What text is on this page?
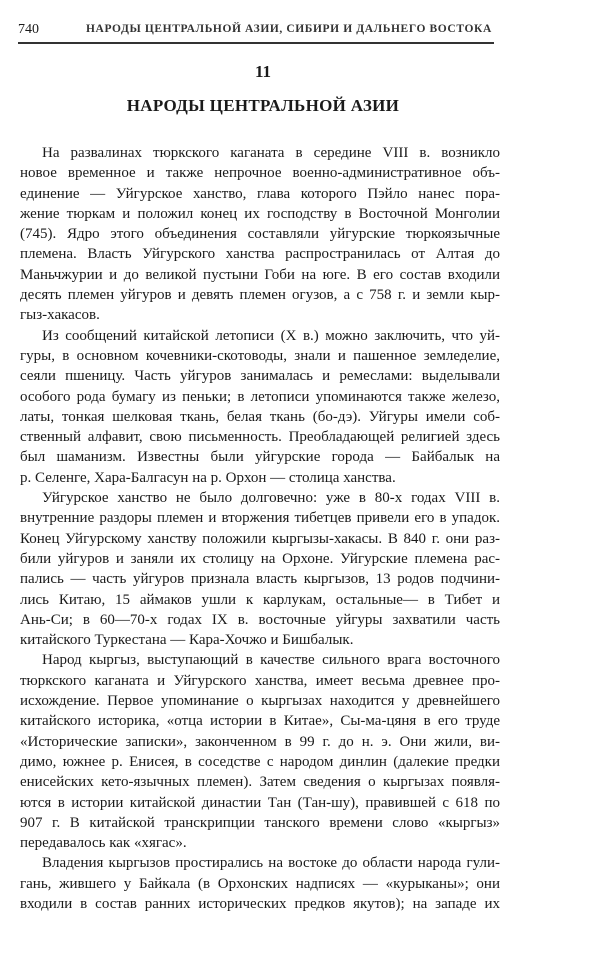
740	НАРОДЫ ЦЕНТРАЛЬНОЙ АЗИИ, СИБИРИ И ДАЛЬНЕГО ВОСТОКА
11
НАРОДЫ ЦЕНТРАЛЬНОЙ АЗИИ
На развалинах тюркского каганата в середине VIII в. возникло
новое временное и также непрочное военно-административное объ-
единение — Уйгурское ханство, глава которого Пэйло нанес пора-
жение тюркам и положил конец их господству в Восточной Монголии
(745). Ядро этого объединения составляли уйгурские тюркоязычные
племена. Власть Уйгурского ханства распространилась от Алтая до
Маньчжурии и до великой пустыни Гоби на юге. В его состав входили
десять племен уйгуров и девять племен огузов, а с 758 г. и земли кыр-
гыз-хакасов.
Из сообщений китайской летописи (X в.) можно заключить, что уй-
гуры, в основном кочевники-скотоводы, знали и пашенное земледелие,
сеяли пшеницу. Часть уйгуров занималась и ремеслами: выделывали
особого рода бумагу из пеньки; в летописи упоминаются также железо,
латы, тонкая шелковая ткань, белая ткань (бо-дэ). Уйгуры имели соб-
ственный алфавит, свою письменность. Преобладающей религией здесь
был шаманизм. Известны были уйгурские города — Байбалык на
р. Селенге, Хара-Балгасун на р. Орхон — столица ханства.
Уйгурское ханство не было долговечно: уже в 80-х годах VIII в.
внутренние раздоры племен и вторжения тибетцев привели его в упадок.
Конец Уйгурскому ханству положили кыргызы-хакасы. В 840 г. они раз-
били уйгуров и заняли их столицу на Орхоне. Уйгурские племена рас-
пались — часть уйгуров признала власть кыргызов, 13 родов подчини-
лись Китаю, 15 аймаков ушли к карлукам, остальные— в Тибет и
Ань-Си; в 60—70-х годах IX в. восточные уйгуры захватили часть
китайского Туркестана — Кара-Хочжо и Бишбалык.
Народ кыргыз, выступающий в качестве сильного врага восточного
тюркского каганата и Уйгурского ханства, имеет весьма древнее про-
исхождение. Первое упоминание о кыргызах находится у древнейшего
китайского историка, «отца истории в Китае», Сы-ма-цяня в его труде
«Исторические записки», законченном в 99 г. до н. э. Они жили, ви-
димо, южнее р. Енисея, в соседстве с народом динлин (далекие предки
енисейских кето-язычных племен). Затем сведения о кыргызах появля-
ются в истории китайской династии Тан (Тан-шу), правившей с 618 по
907 г. В китайской транскрипции танского времени слово «кыргыз»
передавалось как «хягас».
Владения кыргызов простирались на востоке до области народа гули-
гань, жившего у Байкала (в Орхонских надписях — «курыканы»; они
входили в состав ранних исторических предков якутов); на западе их
